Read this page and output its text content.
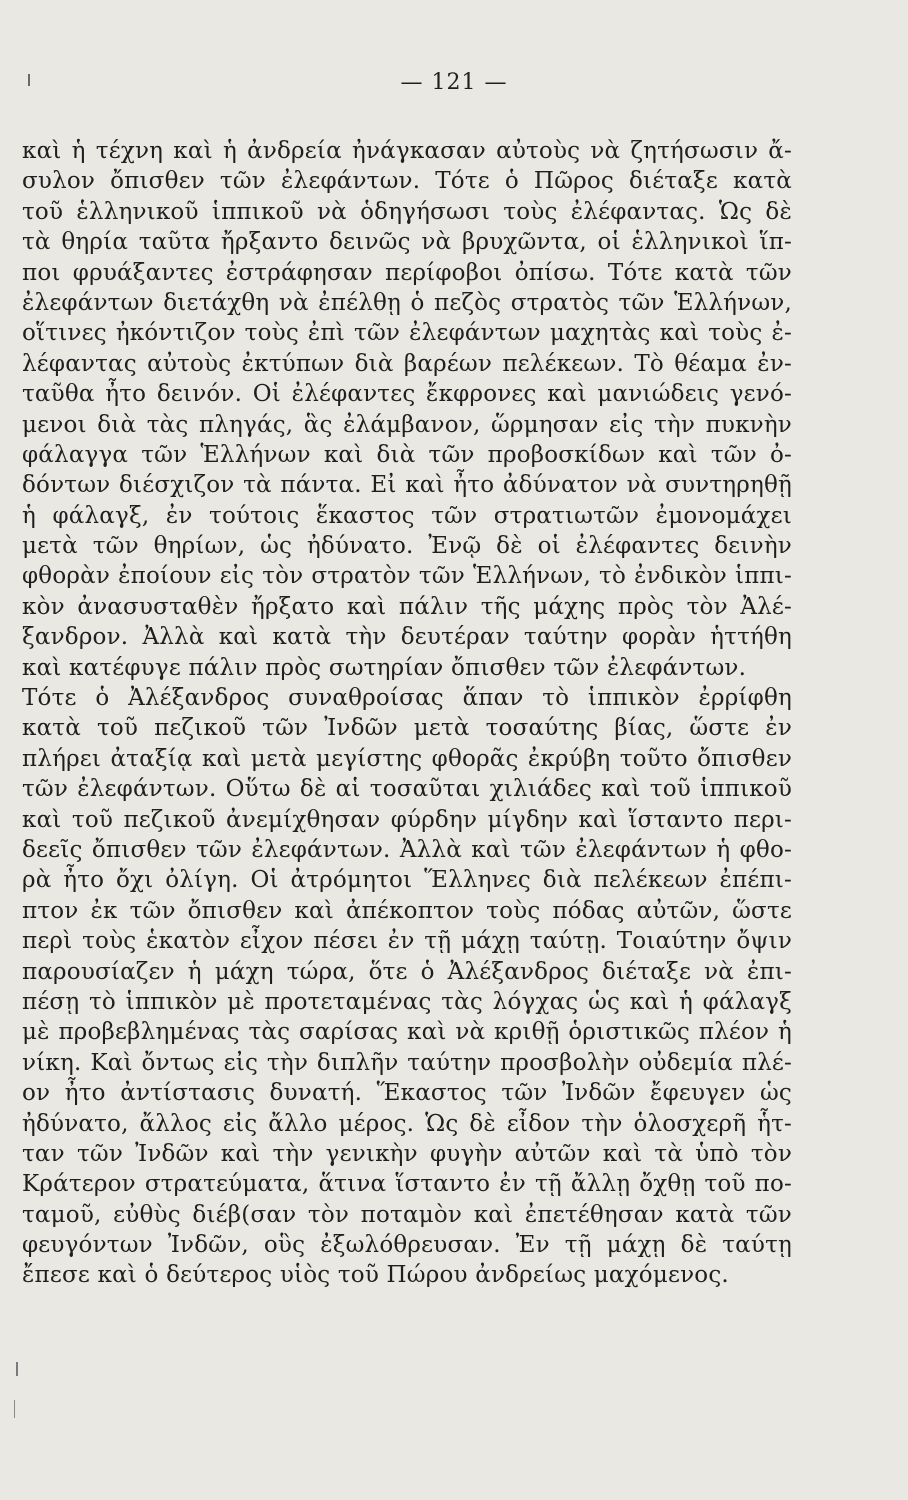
— 121 —
καὶ ἡ τέχνη καὶ ἡ ἀνδρεία ἠνάγκασαν αὐτοὺς νὰ ζητήσωσιν ἄ-
συλον ὄπισθεν τῶν ἐλεφάντων. Τότε ὁ Πῶρος διέταξε κατὰ
τοῦ ἑλληνικοῦ ἱππικοῦ νὰ ὁδηγήσωσι τοὺς ἐλέφαντας. Ὡς δὲ
τὰ θηρία ταῦτα ἤρξαντο δεινῶς νὰ βρυχῶντα, οἱ ἑλληνικοὶ ἵπ-
ποι φρυάξαντες ἐστράφησαν περίφοβοι ὀπίσω. Τότε κατὰ τῶν
ἐλεφάντων διετάχθη νὰ ἐπέλθῃ ὁ πεζὸς στρατὸς τῶν Ἑλλήνων,
οἵτινες ἠκόντιζον τοὺς ἐπὶ τῶν ἐλεφάντων μαχητὰς καὶ τοὺς ἐ-
λέφαντας αὐτοὺς ἐκτύπων διὰ βαρέων πελέκεων. Τὸ θέαμα ἐν-
ταῦθα ἦτο δεινόν. Οἱ ἐλέφαντες ἔκφρονες καὶ μανιώδεις γενό-
μενοι διὰ τὰς πληγάς, ἃς ἐλάμβανον, ὥρμησαν εἰς τὴν πυκνὴν
φάλαγγα τῶν Ἑλλήνων καὶ διὰ τῶν προβοσκίδων καὶ τῶν ὀ-
δόντων διέσχιζον τὰ πάντα. Εἰ καὶ ἦτο ἀδύνατον νὰ συντηρηθῇ
ἡ φάλαγξ, ἐν τούτοις ἕκαστος τῶν στρατιωτῶν ἐμονομάχει
μετὰ τῶν θηρίων, ὡς ἠδύνατο. Ἐνῷ δὲ οἱ ἐλέφαντες δεινὴν
φθορὰν ἐποίουν εἰς τὸν στρατὸν τῶν Ἑλλήνων, τὸ ἐνδικὸν ἱππι-
κὸν ἀνασυσταθὲν ἤρξατο καὶ πάλιν τῆς μάχης πρὸς τὸν Ἀλέ-
ξανδρον. Ἀλλὰ καὶ κατὰ τὴν δευτέραν ταύτην φορὰν ἡττήθη
καὶ κατέφυγε πάλιν πρὸς σωτηρίαν ὄπισθεν τῶν ἐλεφάντων.
Τότε ὁ Ἀλέξανδρος συναθροίσας ἅπαν τὸ ἱππικὸν ἐρρίφθη
κατὰ τοῦ πεζικοῦ τῶν Ἰνδῶν μετὰ τοσαύτης βίας, ὥστε ἐν
πλήρει ἀταξίᾳ καὶ μετὰ μεγίστης φθορᾶς ἐκρύβη τοῦτο ὄπισθεν
τῶν ἐλεφάντων. Οὕτω δὲ αἱ τοσαῦται χιλιάδες καὶ τοῦ ἱππικοῦ
καὶ τοῦ πεζικοῦ ἀνεμίχθησαν φύρδην μίγδην καὶ ἵσταντο περι-
δεεῖς ὄπισθεν τῶν ἐλεφάντων. Ἀλλὰ καὶ τῶν ἐλεφάντων ἡ φθο-
ρὰ ἦτο ὄχι ὀλίγη. Οἱ ἀτρόμητοι Ἕλληνες διὰ πελέκεων ἐπέπι-
πτον ἐκ τῶν ὄπισθεν καὶ ἀπέκοπτον τοὺς πόδας αὐτῶν, ὥστε
περὶ τοὺς ἑκατὸν εἶχον πέσει ἐν τῇ μάχῃ ταύτῃ. Τοιαύτην ὄψιν
παρουσίαζεν ἡ μάχη τώρα, ὅτε ὁ Ἀλέξανδρος διέταξε νὰ ἐπι-
πέσῃ τὸ ἱππικὸν μὲ προτεταμένας τὰς λόγχας ὡς καὶ ἡ φάλαγξ
μὲ προβεβλημένας τὰς σαρίσας καὶ νὰ κριθῇ ὁριστικῶς πλέον ἡ
νίκη. Καὶ ὄντως εἰς τὴν διπλῆν ταύτην προσβολὴν οὐδεμία πλέ-
ον ἦτο ἀντίστασις δυνατή. Ἕκαστος τῶν Ἰνδῶν ἔφευγεν ὡς
ἠδύνατο, ἄλλος εἰς ἄλλο μέρος. Ὡς δὲ εἶδον τὴν ὁλοσχερῆ ἧτ-
ταν τῶν Ἰνδῶν καὶ τὴν γενικὴν φυγὴν αὐτῶν καὶ τὰ ὑπὸ τὸν
Κράτερον στρατεύματα, ἅτινα ἵσταντο ἐν τῇ ἄλλῃ ὄχθῃ τοῦ πο-
ταμοῦ, εὐθὺς διέβ(σαν τὸν ποταμὸν καὶ ἐπετέθησαν κατὰ τῶν
φευγόντων Ἰνδῶν, οὓς ἐξωλόθρευσαν. Ἐν τῇ μάχῃ δὲ ταύτῃ
ἔπεσε καὶ ὁ δεύτερος υἱὸς τοῦ Πώρου ἀνδρείως μαχόμενος.
